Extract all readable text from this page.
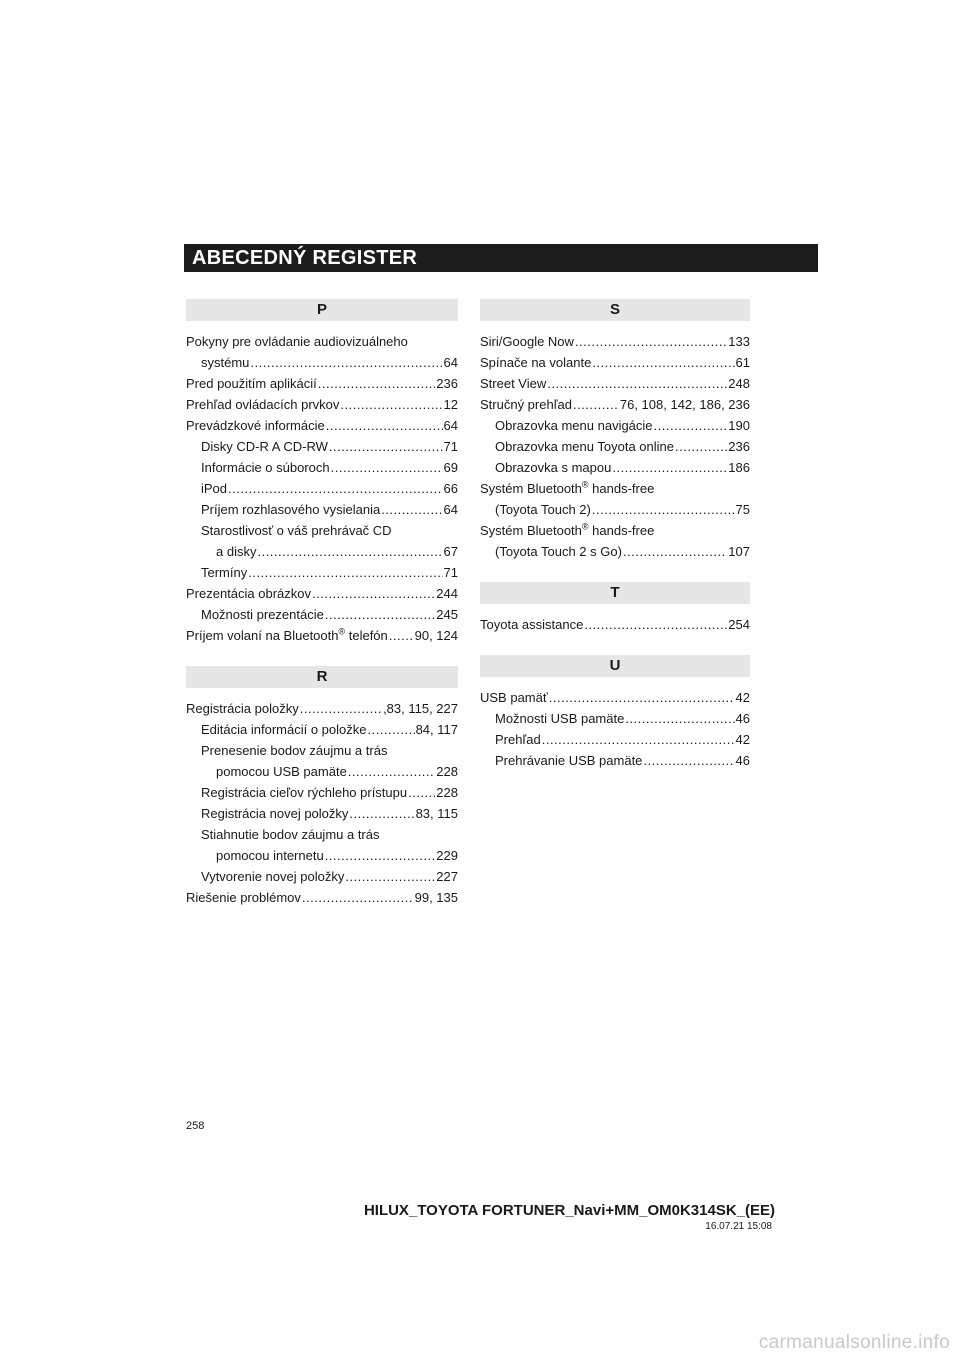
ABECEDNÝ REGISTER
P
Pokyny pre ovládanie audiovizuálneho
systému .....	64
Pred použitím aplikácií .....	236
Prehľad ovládacích prvkov .....	12
Prevádzkové informácie .....	64
Disky CD-R A CD-RW .....	71
Informácie o súboroch .....	69
iPod .....	66
Príjem rozhlasového vysielania .....	64
Starostlivosť o váš prehrávač CD
a disky .....	67
Termíny .....	71
Prezentácia obrázkov .....	244
Možnosti prezentácie .....	245
Príjem volaní na Bluetooth® telefón ..... 90, 124
R
Registrácia položky .....	,83, 115, 227
Editácia informácií o položke .....	84, 117
Prenesenie bodov záujmu a trás
pomocou USB pamäte .....	228
Registrácia cieľov rýchleho prístupu ..... 228
Registrácia novej položky .....	83, 115
Stiahnutie bodov záujmu a trás
pomocou internetu .....	229
Vytvorenie novej položky .....	227
Riešenie problémov .....	99, 135
S
Siri/Google Now .....	133
Spínače na volante .....	61
Street View .....	248
Stručný prehľad .....	76, 108, 142, 186, 236
Obrazovka menu navigácie .....	190
Obrazovka menu Toyota online .....	236
Obrazovka s mapou .....	186
Systém Bluetooth® hands-free
(Toyota Touch 2) .....	75
Systém Bluetooth® hands-free
(Toyota Touch 2 s Go) .....	107
T
Toyota assistance .....	254
U
USB pamäť .....	42
Možnosti USB pamäte .....	46
Prehľad .....	42
Prehrávanie USB pamäte .....	46
258
HILUX_TOYOTA FORTUNER_Navi+MM_OM0K314SK_(EE)
16.07.21 15:08
carmanualsonline.info
